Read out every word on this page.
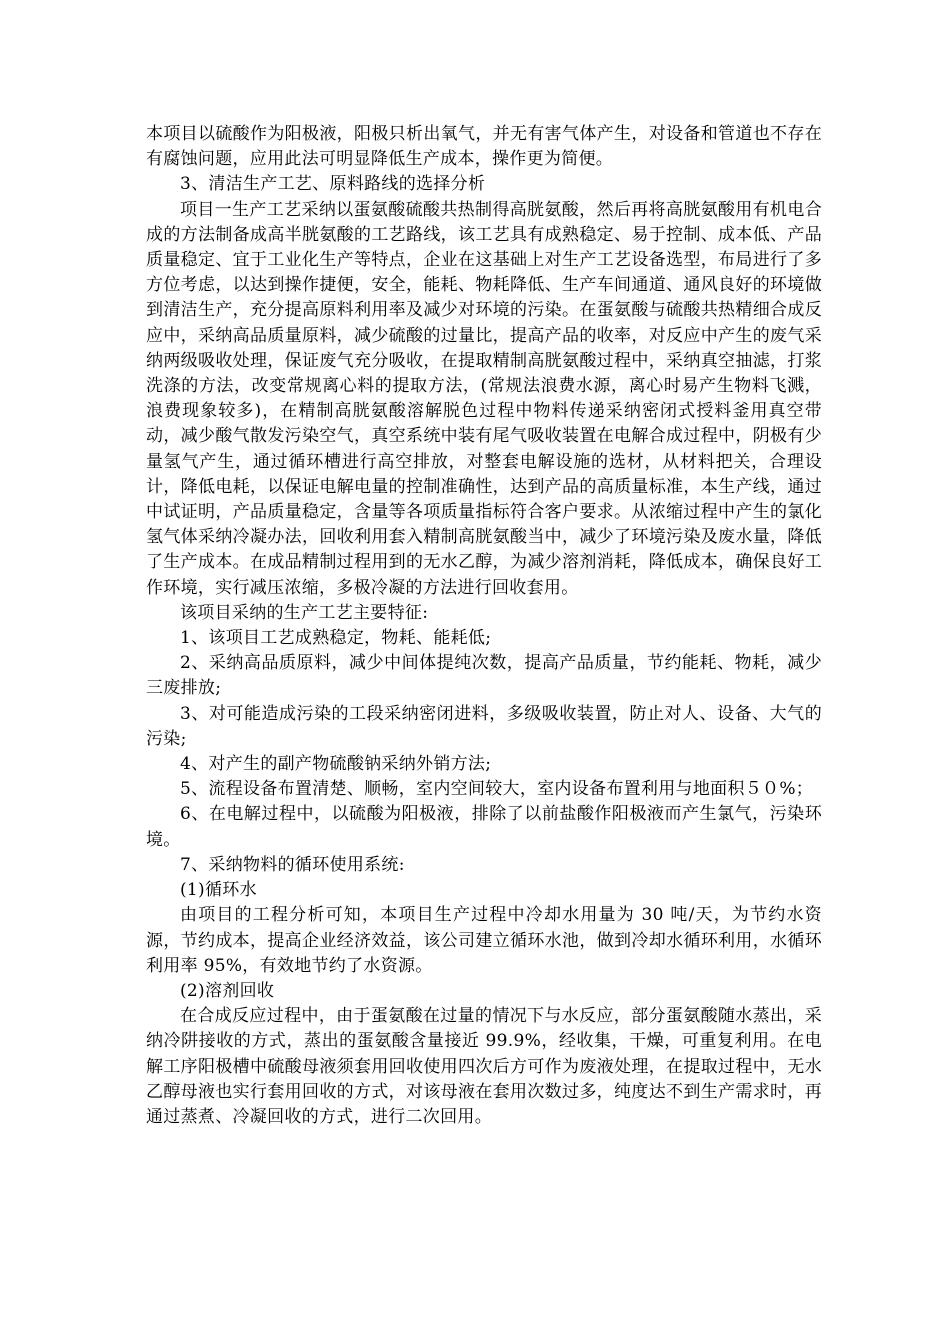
本项目以硫酸作为阳极液，阳极只析出氧气，并无有害气体产生，对设备和管道也不存在有腐蚀问题，应用此法可明显降低生产成本，操作更为简便。

3、清洁生产工艺、原料路线的选择分析

项目一生产工艺采纳以蛋氨酸硫酸共热制得高胱氨酸，然后再将高胱氨酸用有机电合成的方法制备成高半胱氨酸的工艺路线，该工艺具有成熟稳定、易于控制、成本低、产品质量稳定、宜于工业化生产等特点，企业在这基础上对生产工艺设备选型，布局进行了多方位考虑，以达到操作捷便，安全，能耗、物耗降低、生产车间通道、通风良好的环境做到清洁生产，充分提高原料利用率及减少对环境的污染。在蛋氨酸与硫酸共热精细合成反应中，采纳高品质量原料，减少硫酸的过量比，提高产品的收率，对反应中产生的废气采纳两级吸收处理，保证废气充分吸收，在提取精制高胱氨酸过程中，采纳真空抽滤，打浆洗涤的方法，改变常规离心料的提取方法，(常规法浪费水源，离心时易产生物料飞溅，浪费现象较多)，在精制高胱氨酸溶解脱色过程中物料传递采纳密闭式授料釜用真空带动，减少酸气散发污染空气，真空系统中装有尾气吸收装置在电解合成过程中，阴极有少量氢气产生，通过循环槽进行高空排放，对整套电解设施的选材，从材料把关，合理设计，降低电耗，以保证电解电量的控制准确性，达到产品的高质量标准，本生产线，通过中试证明，产品质量稳定，含量等各项质量指标符合客户要求。从浓缩过程中产生的氯化氢气体采纳冷凝办法，回收利用套入精制高胱氨酸当中，减少了环境污染及废水量，降低了生产成本。在成品精制过程用到的无水乙醇，为减少溶剂消耗，降低成本，确保良好工作环境，实行减压浓缩，多极冷凝的方法进行回收套用。

该项目采纳的生产工艺主要特征:

1、该项目工艺成熟稳定，物耗、能耗低;

2、采纳高品质原料，减少中间体提纯次数，提高产品质量，节约能耗、物耗，减少三废排放;

3、对可能造成污染的工段采纳密闭进料，多级吸收装置，防止对人、设备、大气的污染;

4、对产生的副产物硫酸钠采纳外销方法;

5、流程设备布置清楚、顺畅，室内空间较大，室内设备布置利用与地面积５０%；

6、在电解过程中，以硫酸为阳极液，排除了以前盐酸作阳极液而产生氯气，污染环境。

7、采纳物料的循环使用系统:

(1)循环水

由项目的工程分析可知，本项目生产过程中冷却水用量为 30 吨/天，为节约水资源，节约成本，提高企业经济效益，该公司建立循环水池，做到冷却水循环利用，水循环利用率 95%，有效地节约了水资源。

(2)溶剂回收

在合成反应过程中，由于蛋氨酸在过量的情况下与水反应，部分蛋氨酸随水蒸出，采纳冷阱接收的方式，蒸出的蛋氨酸含量接近 99.9%，经收集，干燥，可重复利用。在电解工序阳极槽中硫酸母液须套用回收使用四次后方可作为废液处理，在提取过程中，无水乙醇母液也实行套用回收的方式，对该母液在套用次数过多，纯度达不到生产需求时，再通过蒸煮、冷凝回收的方式，进行二次回用。
